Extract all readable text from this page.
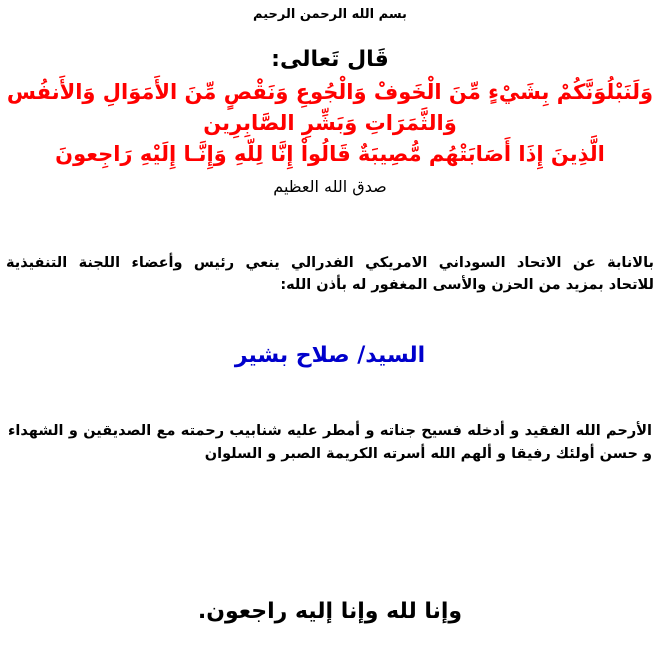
بسم الله الرحمن الرحيم
قَال تَعالى:
وَلَنَبْلُوَنَّكُمْ بِشَيْءٍ مِّنَ الْخَوفْ وَالْجُوعِ وَنَقْصٍ مِّنَ الأَمَوَالِ وَالأَنفُس
وَالثَّمَرَاتِ وَبَشِّرِ الصَّابِرِين
الَّذِينَ إِذَا أَصَابَتْهُم مُّصِيبَةٌ قَالُواْ إِنَّا لِلّهِ وَإِنَّـا إِلَيْهِ رَاجِعونَ
صدق الله العظيم
بالانابة عن الاتحاد السوداني الامريكي الفدرالي ينعي رئيس وأعضاء اللجنة التنفيذية
للاتحاد بمزيد من الحزن والأسى المغفور له بأذن الله:
السيد/ صلاح بشير
الأرحم الله الفقيد و أدخله فسيح جناته و أمطر عليه شنابيب رحمته مع الصديقين و الشهداء
و حسن أولئك رفيقا و ألهم الله أسرته الكريمة الصبر و السلوان
وإنا لله وإنا إليه راجعون.
